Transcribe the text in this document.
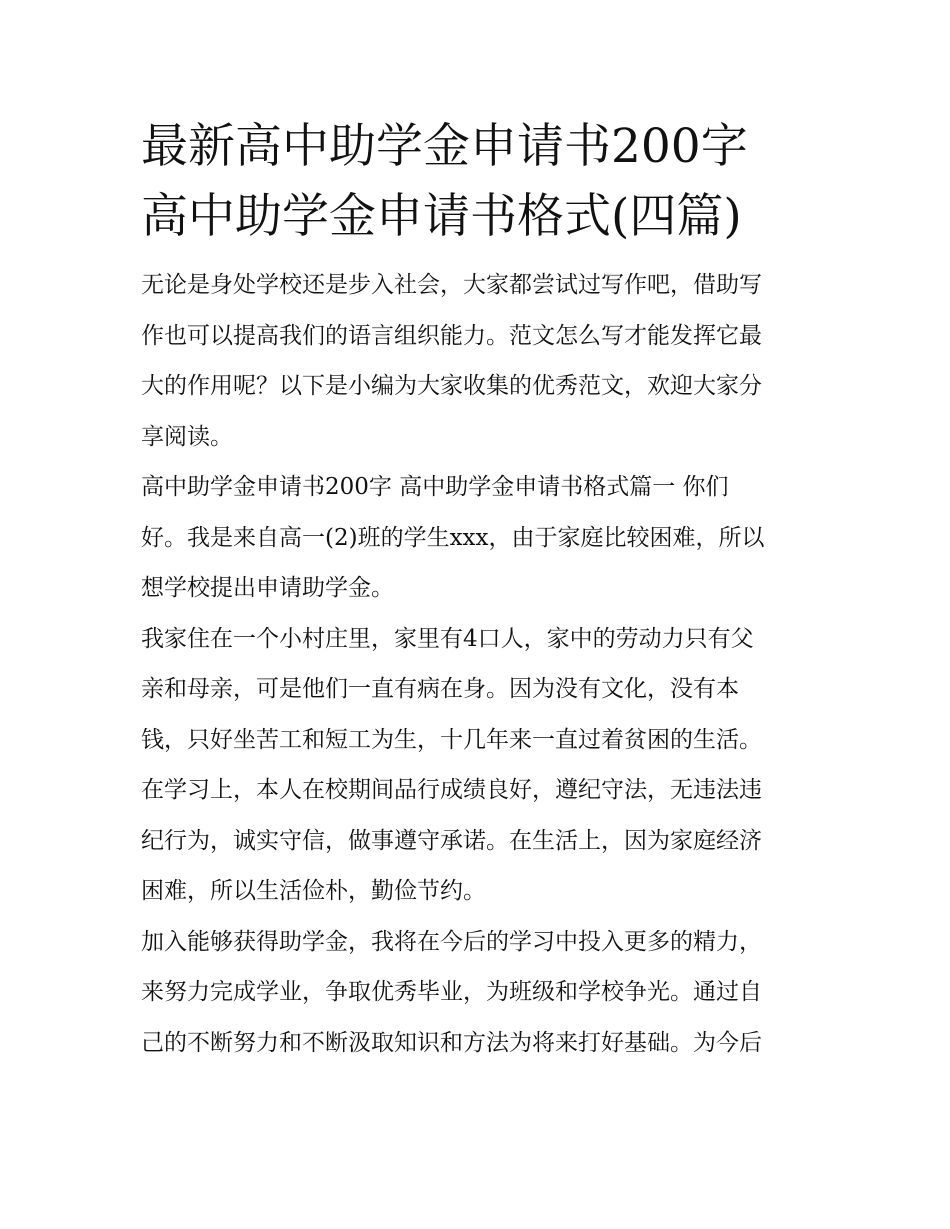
最新高中助学金申请书200字
高中助学金申请书格式(四篇)

无论是身处学校还是步入社会，大家都尝试过写作吧，借助写
作也可以提高我们的语言组织能力。范文怎么写才能发挥它最
大的作用呢？以下是小编为大家收集的优秀范文，欢迎大家分
享阅读。

高中助学金申请书200字 高中助学金申请书格式篇一 你们
好。我是来自高一(2)班的学生xxx，由于家庭比较困难，所以
想学校提出申请助学金。

我家住在一个小村庄里，家里有4口人，家中的劳动力只有父
亲和母亲，可是他们一直有病在身。因为没有文化，没有本
钱，只好坐苦工和短工为生，十几年来一直过着贫困的生活。
在学习上，本人在校期间品行成绩良好，遵纪守法，无违法违
纪行为，诚实守信，做事遵守承诺。在生活上，因为家庭经济
困难，所以生活俭朴，勤俭节约。

加入能够获得助学金，我将在今后的学习中投入更多的精力，
来努力完成学业，争取优秀毕业，为班级和学校争光。通过自
己的不断努力和不断汲取知识和方法为将来打好基础。为今后
